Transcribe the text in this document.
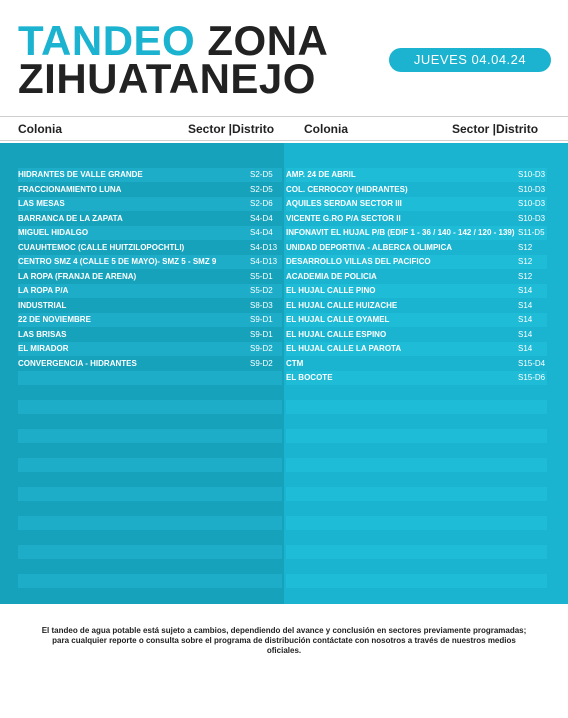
TANDEO ZONA
ZIHUATANEJO	JUEVES 04.04.24
Colonia	Sector |Distrito Colonia	Sector |Distrito
HIDRANTES DE VALLE GRANDE	S2-D5
FRACCIONAMIENTO LUNA	S2-D5
LAS MESAS	S2-D6
BARRANCA DE LA ZAPATA	S4-D4
MIGUEL HIDALGO	S4-D4
CUAUHTEMOC (CALLE HUITZILOPOCHTLI)	S4-D13
CENTRO SMZ 4 (CALLE 5 DE MAYO)- SMZ 5 - SMZ 9	S4-D13
LA ROPA (FRANJA DE ARENA)	S5-D1
LA ROPA P/A	S5-D2
INDUSTRIAL	S8-D3
22 DE NOVIEMBRE	S9-D1
LAS BRISAS	S9-D1
EL MIRADOR	S9-D2
CONVERGENCIA - HIDRANTES	S9-D2
AMP. 24 DE ABRIL	S10-D3
COL. CERROCOY (HIDRANTES)	S10-D3
AQUILES SERDAN SECTOR III	S10-D3
VICENTE G.RO P/A SECTOR II	S10-D3
INFONAVIT EL HUJAL P/B (EDIF 1 - 36 / 140 - 142 / 120 - 139) S11-D5
UNIDAD DEPORTIVA - ALBERCA OLIMPICA	S12
DESARROLLO VILLAS DEL PACIFICO	S12
ACADEMIA DE POLICIA	S12
EL HUJAL CALLE PINO	S14
EL HUJAL CALLE HUIZACHE	S14
EL HUJAL CALLE OYAMEL	S14
EL HUJAL CALLE ESPINO	S14
EL HUJAL CALLE LA PAROTA	S14
CTM	S15-D4
EL BOCOTE	S15-D6
El tandeo de agua potable está sujeto a cambios, dependiendo del avance y conclusión en sectores previamente programadas; para cualquier reporte o consulta sobre el programa de distribución contáctate con nosotros a través de nuestros medios oficiales.
